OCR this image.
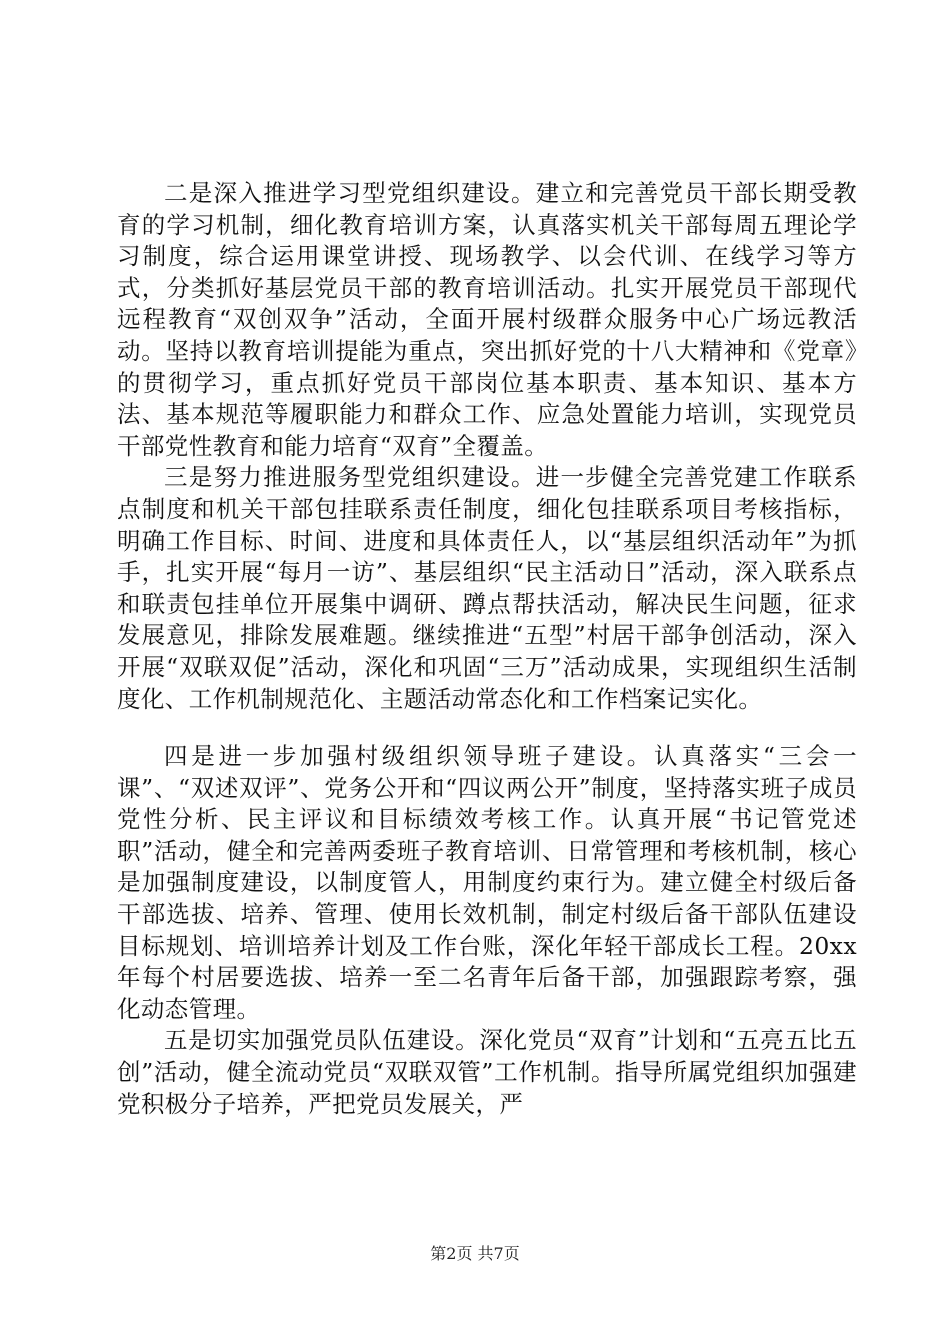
二是深入推进学习型党组织建设。建立和完善党员干部长期受教育的学习机制，细化教育培训方案，认真落实机关干部每周五理论学习制度，综合运用课堂讲授、现场教学、以会代训、在线学习等方式，分类抓好基层党员干部的教育培训活动。扎实开展党员干部现代远程教育“双创双争”活动，全面开展村级群众服务中心广场远教活动。坚持以教育培训提能为重点，突出抓好党的十八大精神和《党章》的贯彻学习，重点抓好党员干部岗位基本职责、基本知识、基本方法、基本规范等履职能力和群众工作、应急处置能力培训，实现党员干部党性教育和能力培育“双育”全覆盖。

三是努力推进服务型党组织建设。进一步健全完善党建工作联系点制度和机关干部包挂联系责任制度，细化包挂联系项目考核指标，明确工作目标、时间、进度和具体责任人，以“基层组织活动年”为抓手，扎实开展“每月一访”、基层组织“民主活动日”活动，深入联系点和联责包挂单位开展集中调研、蹲点帮扶活动，解决民生问题，征求发展意见，排除发展难题。继续推进“五型”村居干部争创活动，深入开展“双联双促”活动，深化和巩固“三万”活动成果，实现组织生活制度化、工作机制规范化、主题活动常态化和工作档案记实化。

四是进一步加强村级组织领导班子建设。认真落实“三会一课”、“双述双评”、党务公开和“四议两公开”制度，坚持落实班子成员党性分析、民主评议和目标绩效考核工作。认真开展“书记管党述职”活动，健全和完善两委班子教育培训、日常管理和考核机制，核心是加强制度建设，以制度管人，用制度约束行为。建立健全村级后备干部选拔、培养、管理、使用长效机制，制定村级后备干部队伍建设目标规划、培训培养计划及工作台账，深化年轻干部成长工程。20xx年每个村居要选拔、培养一至二名青年后备干部，加强跟踪考察，强化动态管理。

五是切实加强党员队伍建设。深化党员“双育”计划和“五亮五比五创”活动，健全流动党员“双联双管”工作机制。指导所属党组织加强建党积极分子培养，严把党员发展关，严

第2页 共7页
